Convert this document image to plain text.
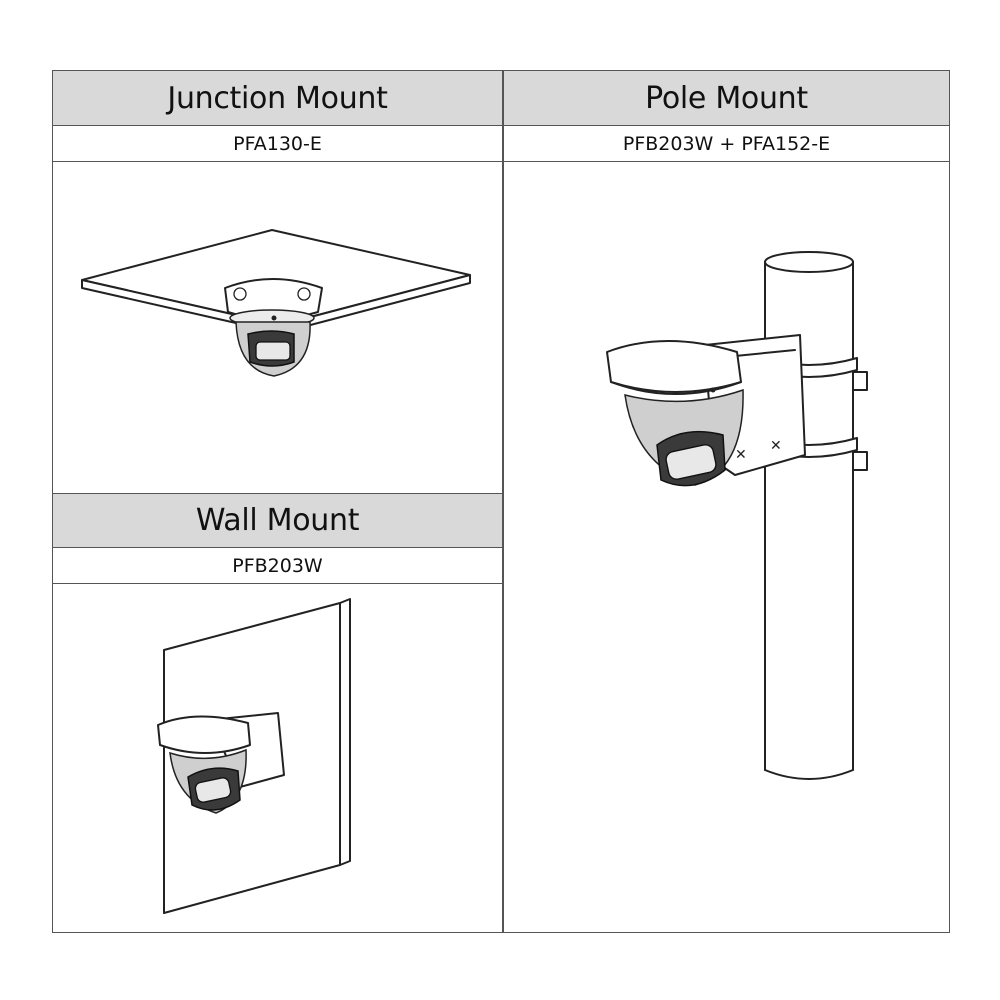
Junction Mount
PFA130-E
Pole Mount
PFB203W + PFA152-E
Wall Mount
PFB203W
✕
✕
